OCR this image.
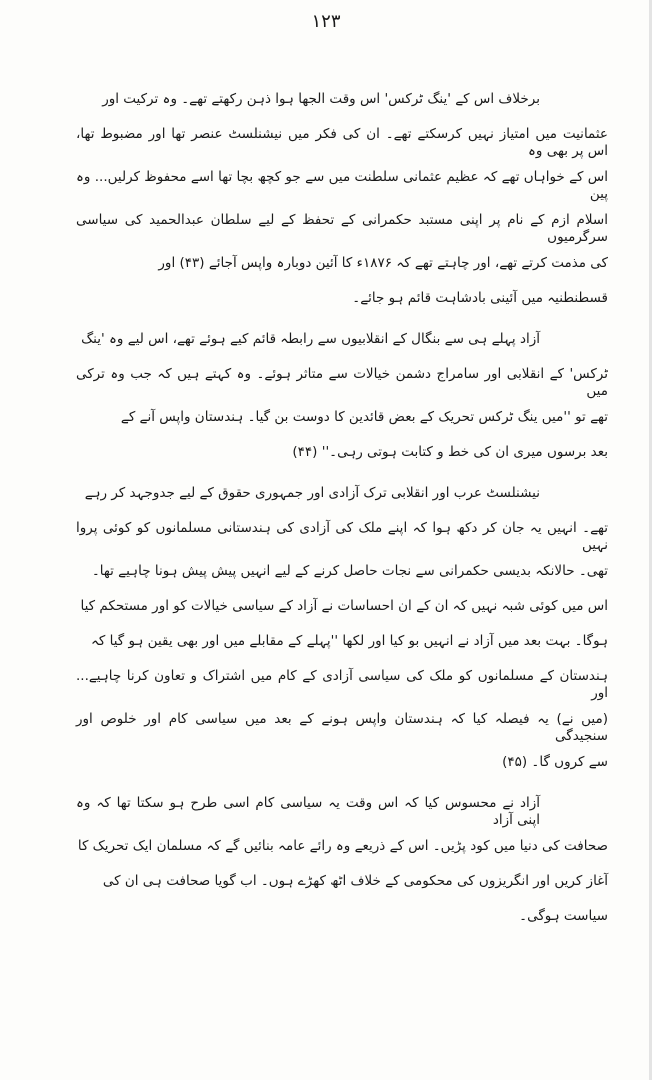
۱۲۳
برخلاف اس کے 'ینگ ٹرکس' اس وقت الجھا ہوا ذہن رکھتے تھے۔ وہ ترکیت اور
عثمانیت میں امتیاز نہیں کرسکتے تھے۔ ان کی فکر میں نیشنلسٹ عنصر تھا اور مضبوط تھا، اس پر بھی وہ
اس کے خواہاں تھے کہ عظیم عثمانی سلطنت میں سے جو کچھ بچا تھا اسے محفوظ کرلیں... وہ پین
اسلام ازم کے نام پر اپنی مستبد حکمرانی کے تحفظ کے لیے سلطان عبدالحمید کی سیاسی سرگرمیوں
کی مذمت کرتے تھے، اور چاہتے تھے کہ ۱۸۷۶ء کا آئین دوبارہ واپس آجائے (۴۳) اور
قسطنطنیہ میں آئینی بادشاہت قائم ہو جائے۔
آزاد پہلے ہی سے بنگال کے انقلابیوں سے رابطہ قائم کیے ہوئے تھے، اس لیے وہ 'ینگ
ٹرکس' کے انقلابی اور سامراج دشمن خیالات سے متاثر ہوئے۔ وہ کہتے ہیں کہ جب وہ ترکی میں
تھے تو ''میں ینگ ٹرکس تحریک کے بعض قائدین کا دوست بن گیا۔ ہندستان واپس آنے کے
بعد برسوں میری ان کی خط و کتابت ہوتی رہی۔'' (۴۴)
نیشنلسٹ عرب اور انقلابی ترک آزادی اور جمہوری حقوق کے لیے جدوجہد کر رہے
تھے۔ انہیں یہ جان کر دکھ ہوا کہ اپنے ملک کی آزادی کی ہندستانی مسلمانوں کو کوئی پروا نہیں
تھی۔ حالانکہ بدیسی حکمرانی سے نجات حاصل کرنے کے لیے انہیں پیش پیش ہونا چاہیے تھا۔
اس میں کوئی شبہ نہیں کہ ان کے ان احساسات نے آزاد کے سیاسی خیالات کو اور مستحکم کیا
ہوگا۔ بہت بعد میں آزاد نے انہیں بو کیا اور لکھا ''پہلے کے مقابلے میں اور بھی یقین ہو گیا کہ
ہندستان کے مسلمانوں کو ملک کی سیاسی آزادی کے کام میں اشتراک و تعاون کرنا چاہیے... اور
(میں نے) یہ فیصلہ کیا کہ ہندستان واپس ہونے کے بعد میں سیاسی کام اور خلوص اور سنجیدگی
سے کروں گا۔ (۴۵)
آزاد نے محسوس کیا کہ اس وقت یہ سیاسی کام اسی طرح ہو سکتا تھا کہ وہ اپنی آزاد
صحافت کی دنیا میں کود پڑیں۔ اس کے ذریعے وہ رائے عامہ بنائیں گے کہ مسلمان ایک تحریک کا
آغاز کریں اور انگریزوں کی محکومی کے خلاف اٹھ کھڑے ہوں۔ اب گویا صحافت ہی ان کی
سیاست ہوگی۔
